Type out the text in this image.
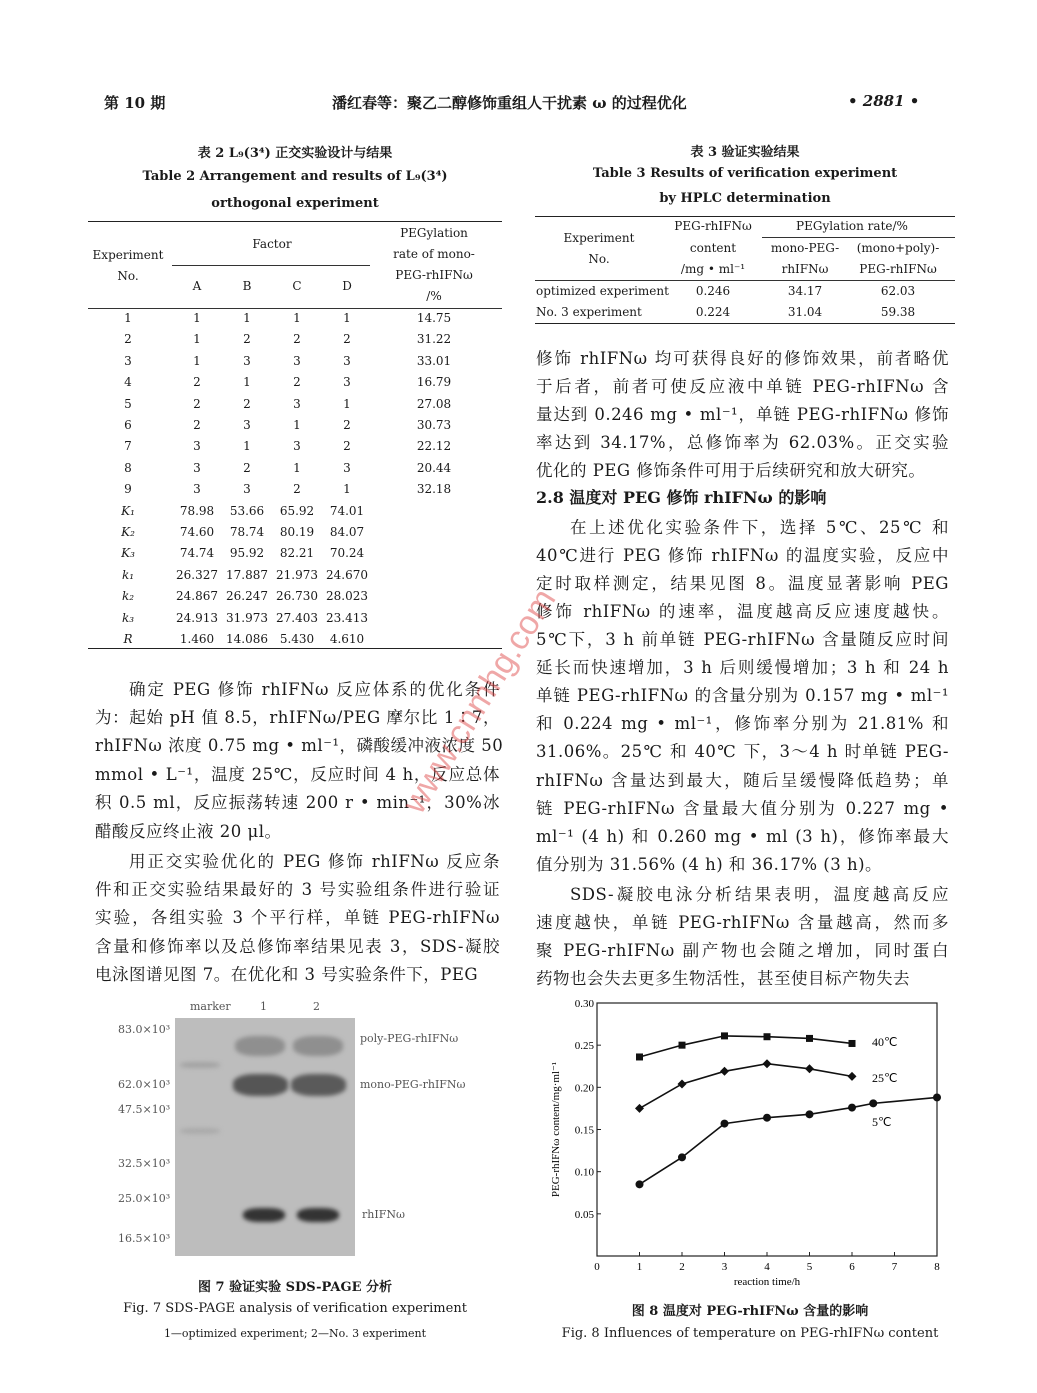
第 10 期	潘红春等：聚乙二醇修饰重组人干扰素 ω 的过程优化	• 2881 •
表 2 L₉(3⁴) 正交实验设计与结果
Table 2 Arrangement and results of L₉(3⁴)
orthogonal experiment
Experiment
No.
Factor
A	B	C	D
PEGylation
rate of mono-
PEG-rhIFNω
/%
1	1	1	1	1	14.75
2	1	2	2	2	31.22
3	1	3	3	3	33.01
4	2	1	2	3	16.79
5	2	2	3	1	27.08
6	2	3	1	2	30.73
7	3	1	3	2	22.12
8	3	2	1	3	20.44
9	3	3	2	1	32.18
K₁	78.98 53.66 65.92 74.01
K₂	74.60 78.74 80.19 84.07
K₃	74.74 95.92 82.21 70.24
k₁	26.327 17.887 21.973 24.670
k₂	24.867 26.247 26.730 28.023
k₃	24.913 31.973 27.403 23.413
R	1.460 14.086 5.430 4.610
表 3 验证实验结果
Table 3 Results of verification experiment
by HPLC determination
Experiment
No.
PEG-rhIFNω
content
/mg • ml⁻¹
PEGylation rate/%
mono-PEG-
rhIFNω
(mono+poly)-
PEG-rhIFNω
optimized experiment 0.246	34.17	62.03
No. 3 experiment	0.224	31.04	59.38
确定 PEG 修饰 rhIFNω 反应体系的优化条件
为：起始 pH 值 8.5，rhIFNω/PEG 摩尔比 1∶7，
rhIFNω 浓度 0.75 mg • ml⁻¹，磷酸缓冲液浓度 50
mmol • L⁻¹，温度 25℃，反应时间 4 h，反应总体
积 0.5 ml，反应振荡转速 200 r • min⁻¹，30%冰
醋酸反应终止液 20 μl。
用正交实验优化的 PEG 修饰 rhIFNω 反应条
件和正交实验结果最好的 3 号实验组条件进行验证
实验，各组实验 3 个平行样，单链 PEG-rhIFNω
含量和修饰率以及总修饰率结果见表 3，SDS-凝胶
电泳图谱见图 7。在优化和 3 号实验条件下，PEG
修饰 rhIFNω 均可获得良好的修饰效果，前者略优
于后者，前者可使反应液中单链 PEG-rhIFNω 含
量达到 0.246 mg • ml⁻¹，单链 PEG-rhIFNω 修饰
率达到 34.17%，总修饰率为 62.03%。正交实验
优化的 PEG 修饰条件可用于后续研究和放大研究。
在上述优化实验条件下，选择 5℃、25℃ 和
40℃进行 PEG 修饰 rhIFNω 的温度实验，反应中
定时取样测定，结果见图 8。温度显著影响 PEG
修饰 rhIFNω 的速率，温度越高反应速度越快。
5℃下，3 h 前单链 PEG-rhIFNω 含量随反应时间
延长而快速增加，3 h 后则缓慢增加；3 h 和 24 h
单链 PEG-rhIFNω 的含量分别为 0.157 mg • ml⁻¹
和 0.224 mg • ml⁻¹，修饰率分别为 21.81% 和
31.06%。25℃ 和 40℃ 下，3～4 h 时单链 PEG-
rhIFNω 含量达到最大，随后呈缓慢降低趋势；单
链 PEG-rhIFNω 含量最大值分别为 0.227 mg •
ml⁻¹ (4 h) 和 0.260 mg • ml (3 h)，修饰率最大
值分别为 31.56% (4 h) 和 36.17% (3 h)。
SDS-凝胶电泳分析结果表明，温度越高反应
速度越快，单链 PEG-rhIFNω 含量越高，然而多
聚 PEG-rhIFNω 副产物也会随之增加，同时蛋白
药物也会失去更多生物活性，甚至使目标产物失去
2.8 温度对 PEG 修饰 rhIFNω 的影响
marker	1	2
83.0×10³
62.0×10³
47.5×10³
32.5×10³
25.0×10³
16.5×10³
poly-PEG-rhIFNω
mono-PEG-rhIFNω
rhIFNω
图 7 验证实验 SDS-PAGE 分析
Fig. 7 SDS-PAGE analysis of verification experiment
1—optimized experiment; 2—No. 3 experiment
0	1	2	3	4	5	6	7	8
0.05
0.10
0.15
0.20
0.25
0.30
reaction time/h
PEG-rhIFNω content/mg·ml⁻¹
40℃
25℃
5℃
图 8 温度对 PEG-rhIFNω 含量的影响
Fig. 8 Influences of temperature on PEG-rhIFNω content
www.cnmhg.com
